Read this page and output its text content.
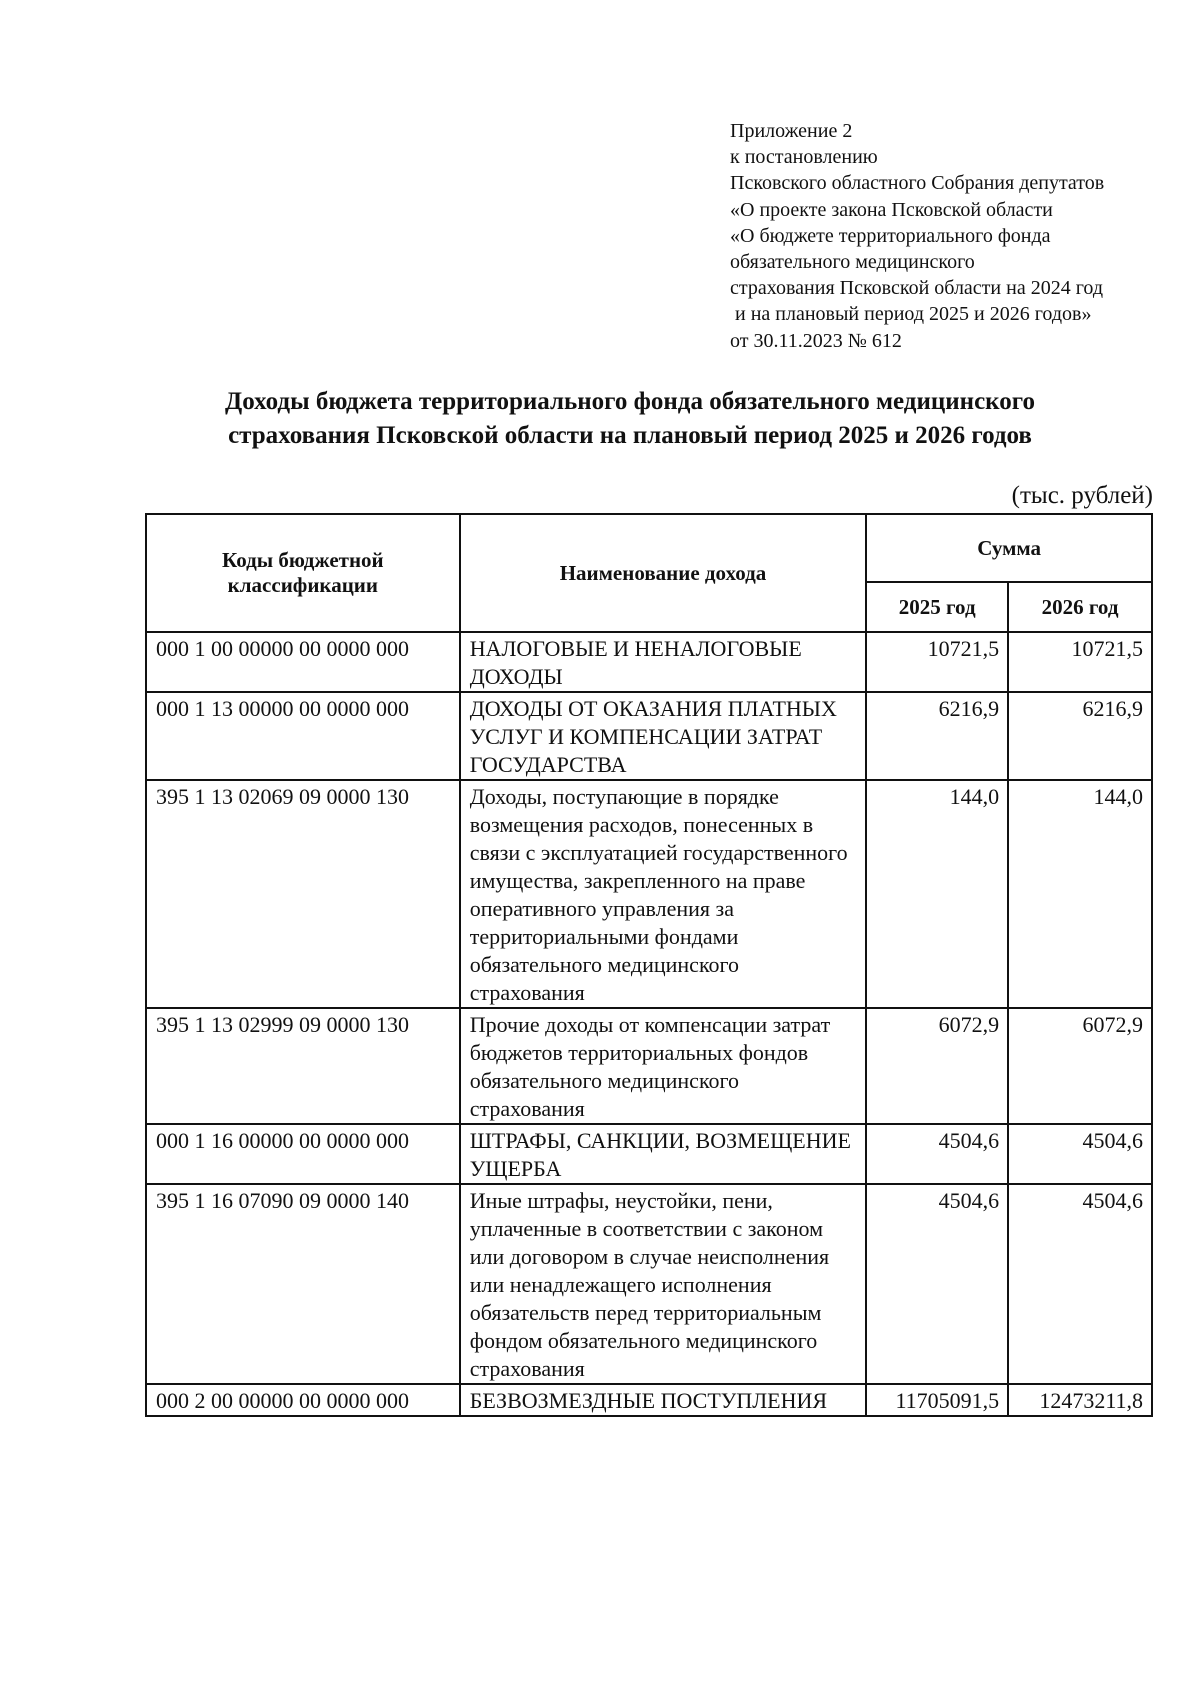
Приложение 2
к постановлению
Псковского областного Собрания депутатов
«О проекте закона Псковской области
«О бюджете территориального фонда
обязательного медицинского
страхования Псковской области на 2024 год
и на плановый период 2025 и 2026 годов»
от 30.11.2023 № 612
Доходы бюджета территориального фонда обязательного медицинского
страхования Псковской области на плановый период 2025 и 2026 годов
(тыс. рублей)
Коды бюджетной классификации	Наименование дохода	Сумма	
		2025 год	2026 год
000 1 00 00000 00 0000 000	НАЛОГОВЫЕ И НЕНАЛОГОВЫЕ ДОХОДЫ	10721,5	10721,5
000 1 13 00000 00 0000 000	ДОХОДЫ ОТ ОКАЗАНИЯ ПЛАТНЫХ УСЛУГ И КОМПЕНСАЦИИ ЗАТРАТ ГОСУДАРСТВА	6216,9	6216,9
395 1 13 02069 09 0000 130	Доходы, поступающие в порядке возмещения расходов, понесенных в связи с эксплуатацией государственного имущества, закрепленного на праве оперативного управления за территориальными фондами обязательного медицинского страхования	144,0	144,0
395 1 13 02999 09 0000 130	Прочие доходы от компенсации затрат бюджетов территориальных фондов обязательного медицинского страхования	6072,9	6072,9
000 1 16 00000 00 0000 000	ШТРАФЫ, САНКЦИИ, ВОЗМЕЩЕНИЕ УЩЕРБА	4504,6	4504,6
395 1 16 07090 09 0000 140	Иные штрафы, неустойки, пени, уплаченные в соответствии с законом или договором в случае неисполнения или ненадлежащего исполнения обязательств перед территориальным фондом обязательного медицинского страхования	4504,6	4504,6
000 2 00 00000 00 0000 000	БЕЗВОЗМЕЗДНЫЕ ПОСТУПЛЕНИЯ	11705091,5	12473211,8
